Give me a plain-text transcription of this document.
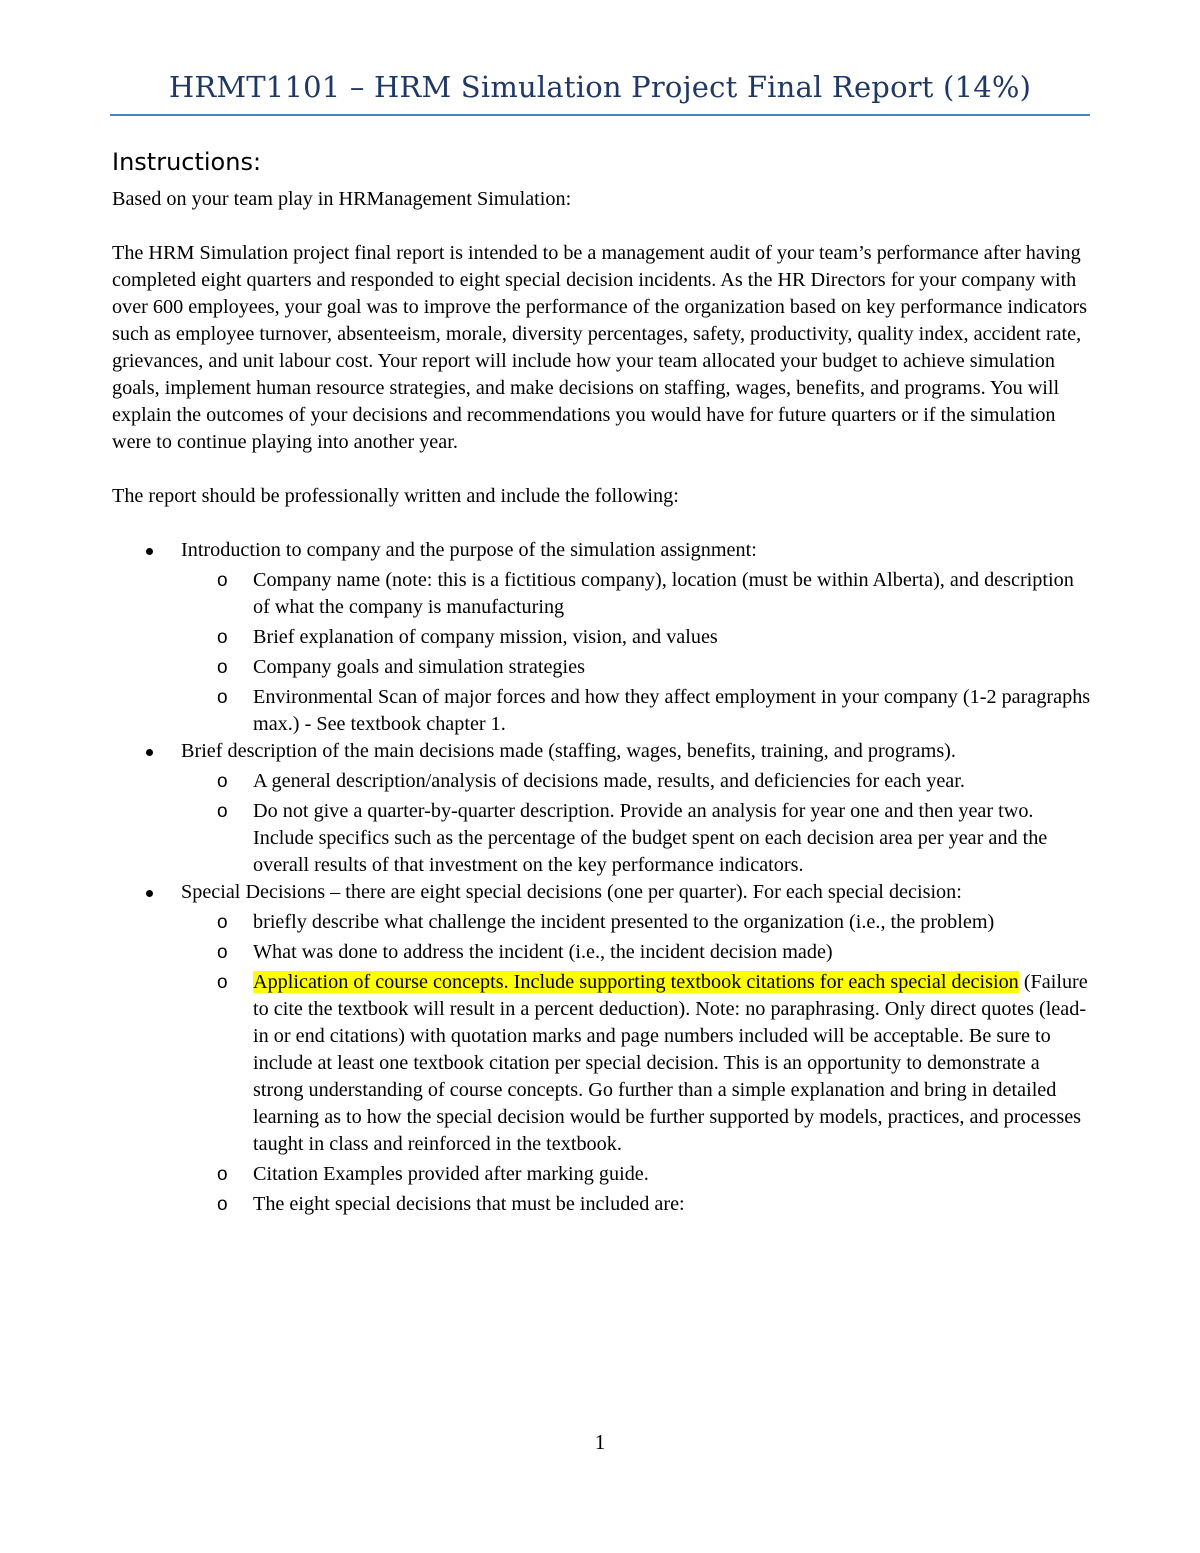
HRMT1101 – HRM Simulation Project Final Report (14%)
Instructions:

Based on your team play in HRManagement Simulation:

The HRM Simulation project final report is intended to be a management audit of your team’s performance after having completed eight quarters and responded to eight special decision incidents. As the HR Directors for your company with over 600 employees, your goal was to improve the performance of the organization based on key performance indicators such as employee turnover, absenteeism, morale, diversity percentages, safety, productivity, quality index, accident rate, grievances, and unit labour cost. Your report will include how your team allocated your budget to achieve simulation goals, implement human resource strategies, and make decisions on staffing, wages, benefits, and programs. You will explain the outcomes of your decisions and recommendations you would have for future quarters or if the simulation were to continue playing into another year.

The report should be professionally written and include the following:

Introduction to company and the purpose of the simulation assignment:
o Company name (note: this is a fictitious company), location (must be within Alberta), and description of what the company is manufacturing
o Brief explanation of company mission, vision, and values
o Company goals and simulation strategies
o Environmental Scan of major forces and how they affect employment in your company (1-2 paragraphs max.) - See textbook chapter 1.
Brief description of the main decisions made (staffing, wages, benefits, training, and programs).
o A general description/analysis of decisions made, results, and deficiencies for each year.
o Do not give a quarter-by-quarter description. Provide an analysis for year one and then year two. Include specifics such as the percentage of the budget spent on each decision area per year and the overall results of that investment on the key performance indicators.
Special Decisions – there are eight special decisions (one per quarter). For each special decision:
o briefly describe what challenge the incident presented to the organization (i.e., the problem)
o What was done to address the incident (i.e., the incident decision made)
o Application of course concepts. Include supporting textbook citations for each special decision (Failure to cite the textbook will result in a percent deduction). Note: no paraphrasing. Only direct quotes (lead-in or end citations) with quotation marks and page numbers included will be acceptable. Be sure to include at least one textbook citation per special decision. This is an opportunity to demonstrate a strong understanding of course concepts. Go further than a simple explanation and bring in detailed learning as to how the special decision would be further supported by models, practices, and processes taught in class and reinforced in the textbook.
o Citation Examples provided after marking guide.
o The eight special decisions that must be included are:
1
